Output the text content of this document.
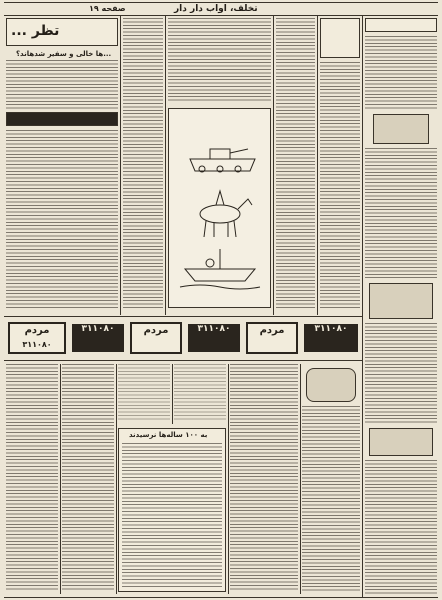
صفحه ۱۹	تخلف، اواب دار دار
تظر ...
...ها خالی و سفیر شدهاند؟
مردم
۳۱۱۰۸۰
۳۱۱۰۸۰	مردم	۳۱۱۰۸۰	مردم	۳۱۱۰۸۰
به ۱۰۰ ساله‌ها نرسیدند
